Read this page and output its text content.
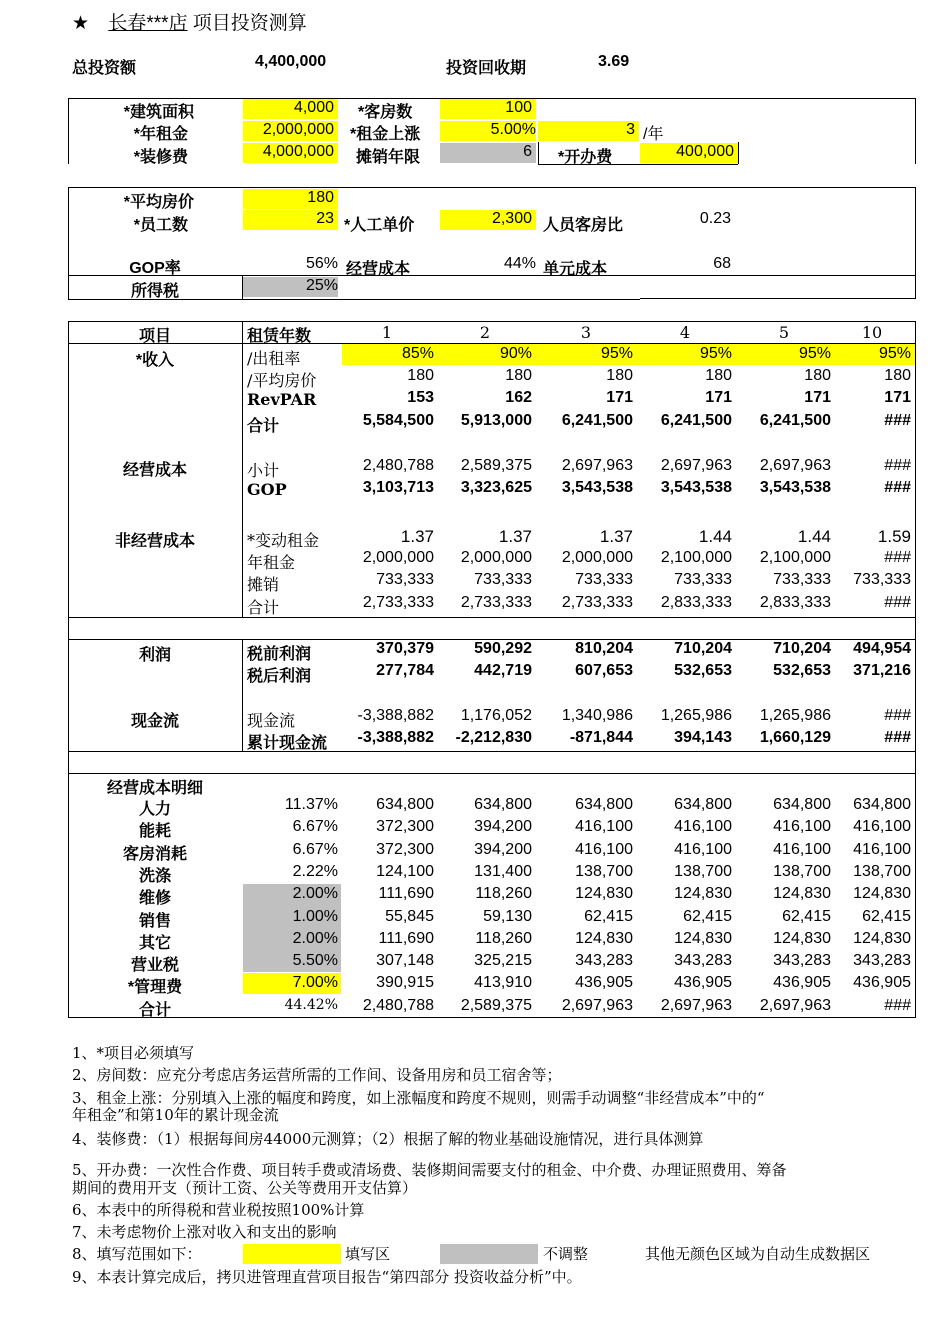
★ 长春***店 项目投资测算
总投资额	4,400,000	投资回收期	3.69
*建筑面积	4,000 *客房数	100
*年租金	2,000,000 *租金上涨	5.00%	3 /年
*装修费	4,000,000 摊销年限	6 *开办费	400,000
*平均房价	180
*员工数	23 *人工单价	2,300 人员客房比	0.23
GOP率	56% 经营成本	44% 单元成本	68
所得税	25%
项目	租赁年数	1	2	3	4	5	10
*收入
经营成本
非经营成本
利润
现金流
/出租率	85%	90%	95%	95%	95%	95%
/平均房价	180	180	180	180	180	180
RevPAR	153	162	171	171	171	171
合计	5,584,500	5,913,000	6,241,500	6,241,500	6,241,500	###
小计	2,480,788	2,589,375	2,697,963	2,697,963	2,697,963	###
GOP	3,103,713	3,323,625	3,543,538	3,543,538	3,543,538	###
*变动租金	1.37	1.37	1.37	1.44	1.44	1.59
年租金	2,000,000	2,000,000	2,000,000	2,100,000	2,100,000	###
摊销	733,333	733,333	733,333	733,333	733,333	733,333
合计	2,733,333	2,733,333	2,733,333	2,833,333	2,833,333	###
税前利润	370,379	590,292	810,204	710,204	710,204	494,954
税后利润	277,784	442,719	607,653	532,653	532,653	371,216
现金流	-3,388,882	1,176,052	1,340,986	1,265,986	1,265,986	###
累计现金流	-3,388,882	-2,212,830	-871,844	394,143	1,660,129	###
经营成本明细
人力	11.37%	634,800	634,800	634,800	634,800	634,800	634,800
能耗	6.67%	372,300	394,200	416,100	416,100	416,100	416,100
客房消耗	6.67%	372,300	394,200	416,100	416,100	416,100	416,100
洗涤	2.22%	124,100	131,400	138,700	138,700	138,700	138,700
维修	2.00%	111,690	118,260	124,830	124,830	124,830	124,830
销售	1.00%	55,845	59,130	62,415	62,415	62,415	62,415
其它	2.00%	111,690	118,260	124,830	124,830	124,830	124,830
营业税	5.50%	307,148	325,215	343,283	343,283	343,283	343,283
*管理费	7.00%	390,915	413,910	436,905	436,905	436,905	436,905
合计	44.42%	2,480,788	2,589,375	2,697,963	2,697,963	2,697,963	###
1、*项目必须填写
2、房间数：应充分考虑店务运营所需的工作间、设备用房和员工宿舍等；
3、租金上涨：分别填入上涨的幅度和跨度，如上涨幅度和跨度不规则，则需手动调整“非经营成本”中的“
年租金”和第10年的累计现金流
4、装修费：（1）根据每间房44000元测算；（2）根据了解的物业基础设施情况，进行具体测算
5、开办费：一次性合作费、项目转手费或清场费、装修期间需要支付的租金、中介费、办理证照费用、筹备
期间的费用开支（预计工资、公关等费用开支估算）
6、本表中的所得税和营业税按照100%计算
7、未考虑物价上涨对收入和支出的影响
8、填写范围如下：	填写区	不调整	其他无颜色区域为自动生成数据区
9、本表计算完成后，拷贝进管理直营项目报告“第四部分 投资收益分析”中。
